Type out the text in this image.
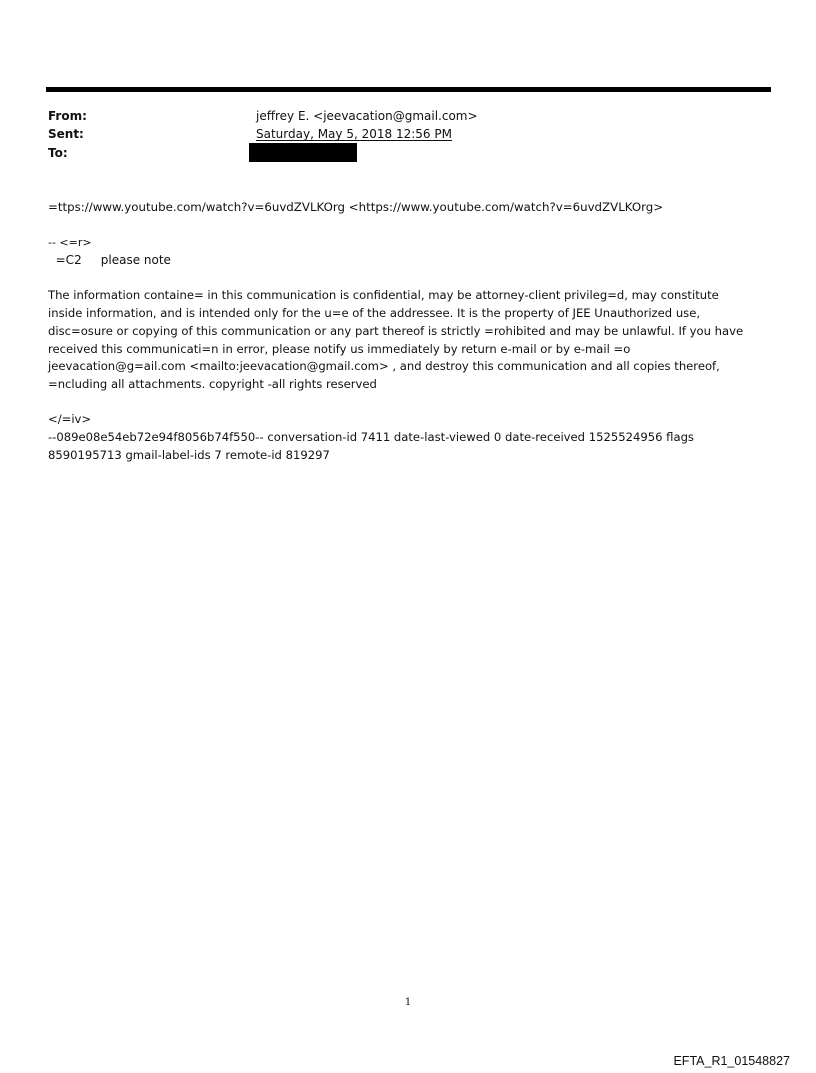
From:	jeffrey E. <jeevacation@gmail.com>
Sent:	Saturday, May 5, 2018 12:56 PM
To:
=ttps://www.youtube.com/watch?v=6uvdZVLKOrg <https://www.youtube.com/watch?v=6uvdZVLKOrg>
-- <=r>
=C2     please note
The information containe= in this communication is confidential, may be attorney-client privileg=d, may constitute
inside information, and is intended only for the u=e of the addressee. It is the property of JEE Unauthorized use,
disc=osure or copying of this communication or any part thereof is strictly =rohibited and may be unlawful. If you have
received this communicati=n in error, please notify us immediately by return e-mail or by e-mail =o
jeevacation@g=ail.com <mailto:jeevacation@gmail.com> , and destroy this communication and all copies thereof,
=ncluding all attachments. copyright -all rights reserved
</=iv>
--089e08e54eb72e94f8056b74f550-- conversation-id 7411 date-last-viewed 0 date-received 1525524956 flags
8590195713 gmail-label-ids 7 remote-id 819297
1
EFTA_R1_01548827
